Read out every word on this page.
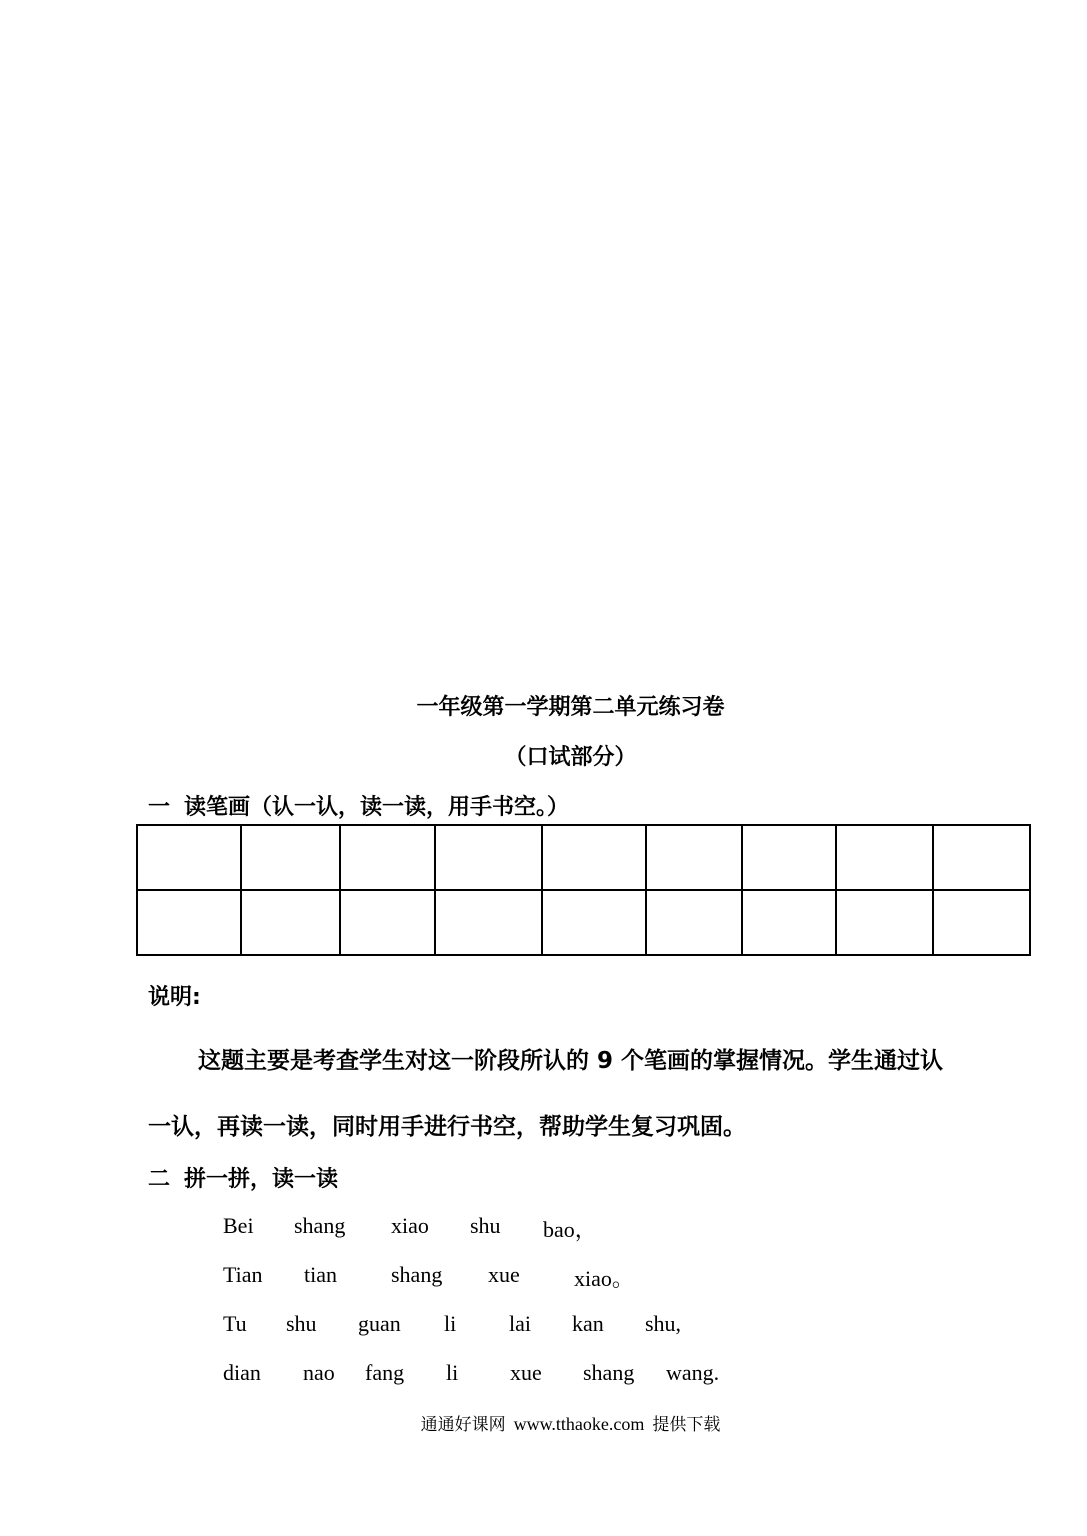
一年级第一学期第二单元练习卷
（口试部分）
一 读笔画（认一认，读一读，用手书空。）

说明:
这题主要是考查学生对这一阶段所认的 9 个笔画的掌握情况。学生通过认
一认，再读一读，同时用手进行书空，帮助学生复习巩固。
二 拼一拼，读一读
Bei shang xiao shu bao，
Tian tian shang xue xiao。
Tu shu guan li lai kan shu,
dian nao fang li xue shang wang.
通通好课网 www.tthaoke.com 提供下载
